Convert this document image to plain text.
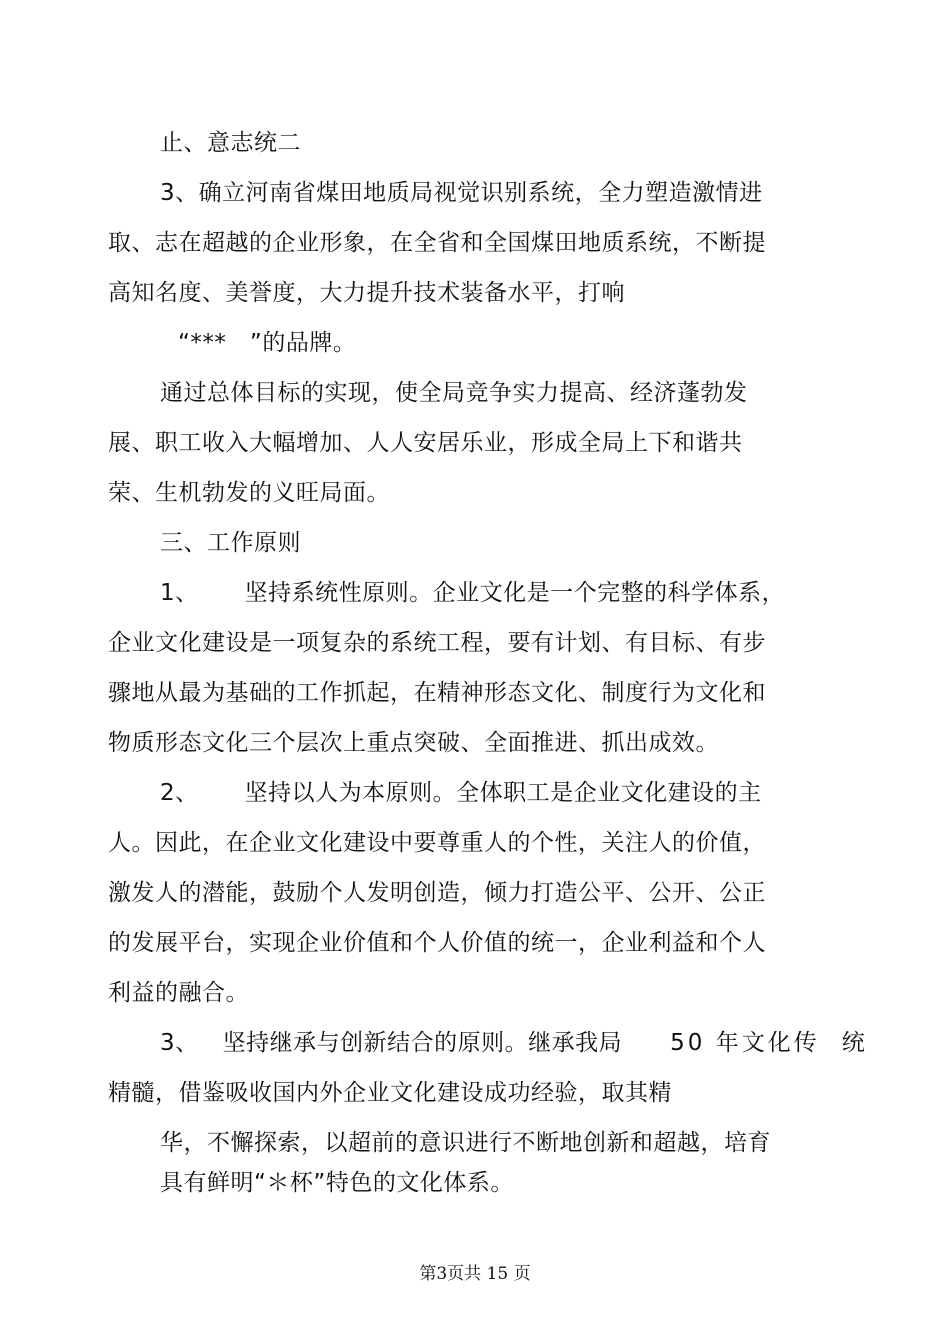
止、意志统二
3、确立河南省煤田地质局视觉识别系统，全力塑造激情进
取、志在超越的企业形象，在全省和全国煤田地质系统，不断提
高知名度、美誉度，大力提升技术装备水平，打响
“***　”的品牌。
通过总体目标的实现，使全局竞争实力提高、经济蓬勃发
展、职工收入大幅增加、人人安居乐业，形成全局上下和谐共
荣、生机勃发的义旺局面。
三、工作原则
1、 坚持系统性原则。企业文化是一个完整的科学体系，
企业文化建设是一项复杂的系统工程，要有计划、有目标、有步
骤地从最为基础的工作抓起，在精神形态文化、制度行为文化和
物质形态文化三个层次上重点突破、全面推进、抓出成效。
2、 坚持以人为本原则。全体职工是企业文化建设的主
人。因此，在企业文化建设中要尊重人的个性，关注人的价值，
激发人的潜能，鼓励个人发明创造，倾力打造公平、公开、公正
的发展平台，实现企业价值和个人价值的统一，企业利益和个人
利益的融合。
3、 坚持继承与创新结合的原则。继承我局 50 年文化传 统
精髓，借鉴吸收国内外企业文化建设成功经验，取其精
华，不懈探索，以超前的意识进行不断地创新和超越，培育
具有鲜明“＊杯”特色的文化体系。
第3页共 15 页
